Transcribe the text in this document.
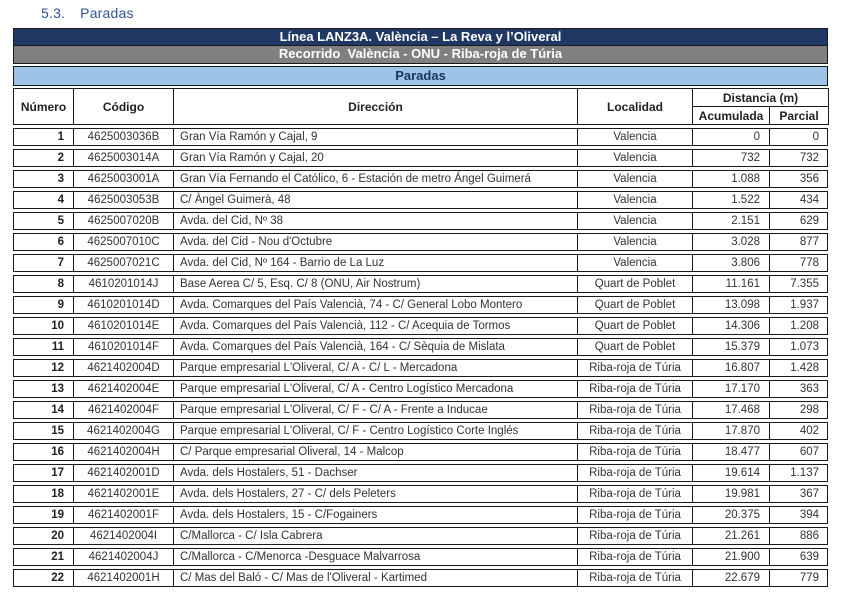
5.3. Paradas
Línea LANZ3A. València – La Reva y l’Oliveral
Recorrido  València - ONU - Riba-roja de Túria
Paradas
Número	Código	Dirección	Localidad	Distancia (m)	
				Acumulada	Parcial
1	4625003036B	Gran Vía Ramón y Cajal, 9	Valencia	0	0
2	4625003014A	Gran Vía Ramón y Cajal, 20	Valencia	732	732
3	4625003001A	Gran Vía Fernando el Católico, 6 - Estación de metro Ángel Guimerá	Valencia	1.088	356
4	4625003053B	C/ Àngel Guimerà, 48	Valencia	1.522	434
5	4625007020B	Avda. del Cid, Nº 38	Valencia	2.151	629
6	4625007010C	Avda. del Cid - Nou d'Octubre	Valencia	3.028	877
7	4625007021C	Avda. del Cid, Nº 164 - Barrio de La Luz	Valencia	3.806	778
8	4610201014J	Base Aerea C/ 5, Esq. C/ 8 (ONU, Air Nostrum)	Quart de Poblet	11.161	7.355
9	4610201014D	Avda. Comarques del País Valencià, 74 - C/ General Lobo Montero	Quart de Poblet	13.098	1.937
10	4610201014E	Avda. Comarques del País Valencià, 112 - C/ Acequia de Tormos	Quart de Poblet	14.306	1.208
11	4610201014F	Avda. Comarques del País Valencià, 164 - C/ Sèquia de Mislata	Quart de Poblet	15.379	1.073
12	4621402004D	Parque empresarial L'Oliveral, C/ A - C/ L - Mercadona	Riba-roja de Túria	16.807	1.428
13	4621402004E	Parque empresarial L'Oliveral, C/ A - Centro Logístico Mercadona	Riba-roja de Túria	17.170	363
14	4621402004F	Parque empresarial L'Oliveral, C/ F - C/ A - Frente a Inducae	Riba-roja de Túria	17.468	298
15	4621402004G	Parque empresarial L'Oliveral, C/ F - Centro Logístico Corte Inglés	Riba-roja de Túria	17.870	402
16	4621402004H	C/ Parque empresarial Oliveral, 14 - Malcop	Riba-roja de Túria	18.477	607
17	4621402001D	Avda. dels Hostalers, 51 - Dachser	Riba-roja de Túria	19.614	1.137
18	4621402001E	Avda. dels Hostalers, 27 - C/ dels Peleters	Riba-roja de Túria	19.981	367
19	4621402001F	Avda. dels Hostalers, 15 - C/Fogainers	Riba-roja de Túria	20.375	394
20	4621402004I	C/Mallorca - C/ Isla Cabrera	Riba-roja de Túria	21.261	886
21	4621402004J	C/Mallorca - C/Menorca -Desguace Malvarrosa	Riba-roja de Túria	21.900	639
22	4621402001H	C/ Mas del Baló - C/ Mas de l'Oliveral - Kartimed	Riba-roja de Túria	22.679	779
